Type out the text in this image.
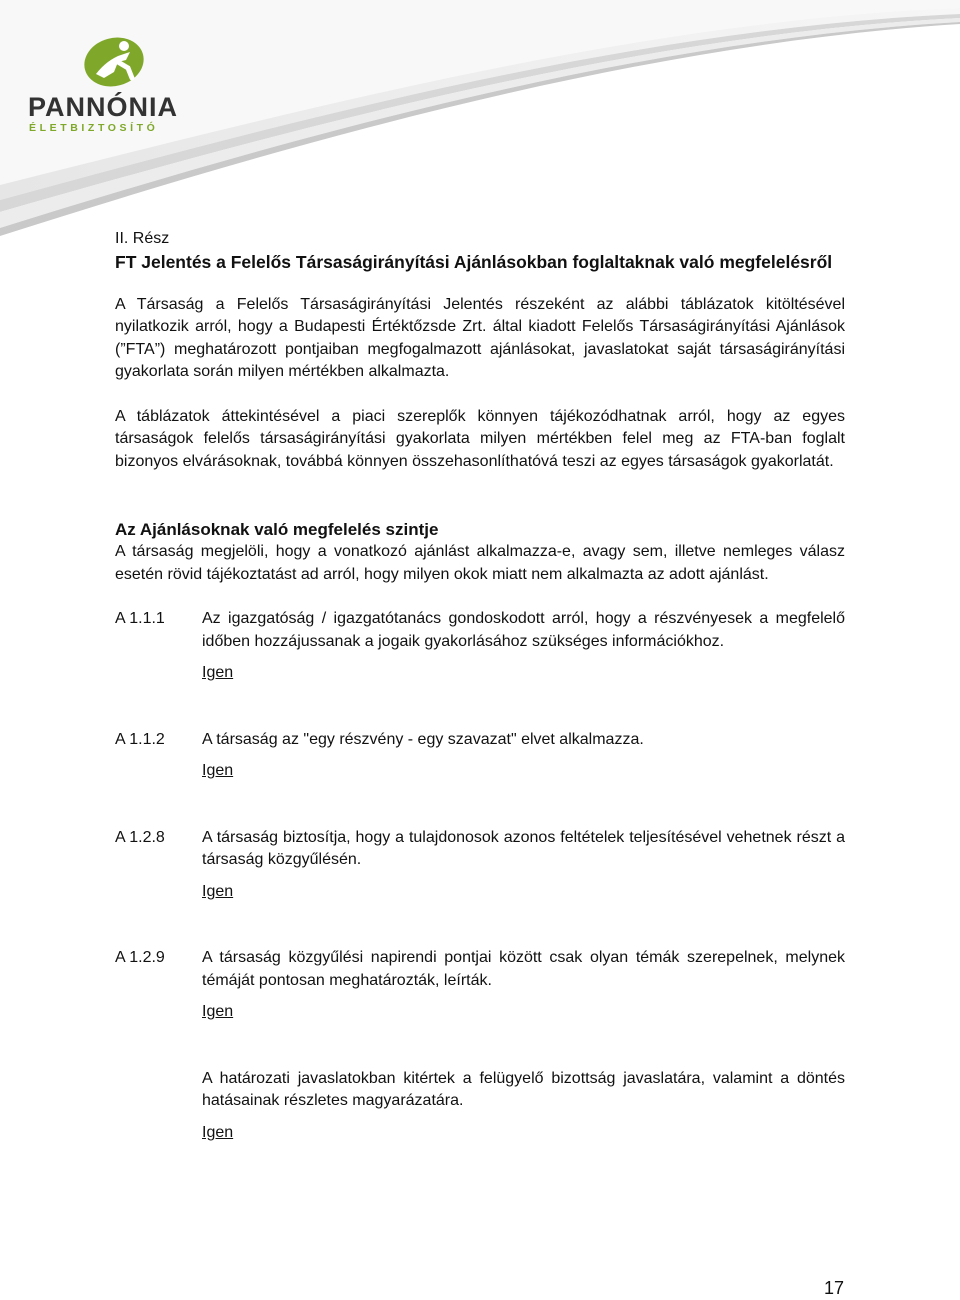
PANNÓNIA
ÉLETBIZTOSÍTÓ

II. Rész

FT Jelentés a Felelős Társaságirányítási Ajánlásokban foglaltaknak való megfelelésről

A Társaság a Felelős Társaságirányítási Jelentés részeként az alábbi táblázatok kitöltésével nyilatkozik arról, hogy a Budapesti Értéktőzsde Zrt. által kiadott Felelős Társaságirányítási Ajánlások (”FTA”) meghatározott pontjaiban megfogalmazott ajánlásokat, javaslatokat saját társaságirányítási gyakorlata során milyen mértékben alkalmazta.

A táblázatok áttekintésével a piaci szereplők könnyen tájékozódhatnak arról, hogy az egyes társaságok felelős társaságirányítási gyakorlata milyen mértékben felel meg az FTA-ban foglalt bizonyos elvárásoknak, továbbá könnyen összehasonlíthatóvá teszi az egyes társaságok gyakorlatát.

Az Ajánlásoknak való megfelelés szintje

A társaság megjelöli, hogy a vonatkozó ajánlást alkalmazza-e, avagy sem, illetve nemleges válasz esetén rövid tájékoztatást ad arról, hogy milyen okok miatt nem alkalmazta az adott ajánlást.

A 1.1.1	Az igazgatóság / igazgatótanács gondoskodott arról, hogy a részvényesek a megfelelő időben hozzájussanak a jogaik gyakorlásához szükséges információkhoz.

Igen
A 1.1.2	A társaság az "egy részvény - egy szavazat" elvet alkalmazza.

Igen
A 1.2.8	A társaság biztosítja, hogy a tulajdonosok azonos feltételek teljesítésével vehetnek részt a társaság közgyűlésén.

Igen
A 1.2.9	A társaság közgyűlési napirendi pontjai között csak olyan témák szerepelnek, melynek témáját pontosan meghatározták, leírták.

Igen

A határozati javaslatokban kitértek a felügyelő bizottság javaslatára, valamint a döntés hatásainak részletes magyarázatára.

Igen
17
